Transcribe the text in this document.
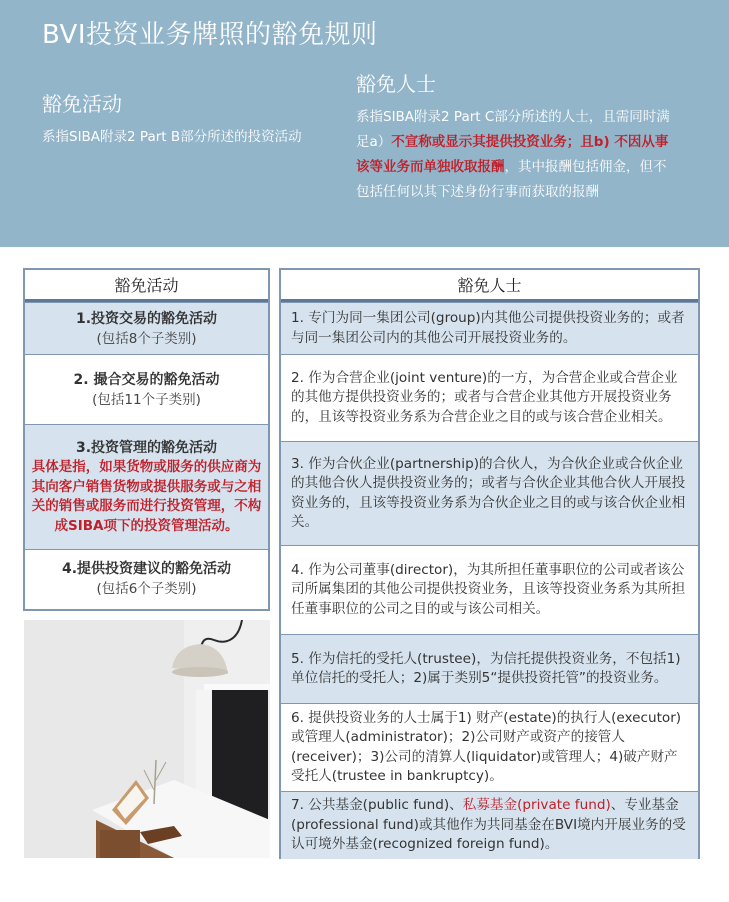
BVI投资业务牌照的豁免规则
豁免活动
系指SIBA附录2 Part B部分所述的投资活动
豁免人士
系指SIBA附录2 Part C部分所述的人士，且需同时满足a）不宣称或显示其提供投资业务；且b) 不因从事该等业务而单独收取报酬，其中报酬包括佣金，但不包括任何以其下述身份行事而获取的报酬
豁免活动
1.投资交易的豁免活动
(包括8个子类别)
2. 撮合交易的豁免活动
(包括11个子类别)
3.投资管理的豁免活动
具体是指，如果货物或服务的供应商为其向客户销售货物或提供服务或与之相关的销售或服务而进行投资管理，不构成SIBA项下的投资管理活动。
4.提供投资建议的豁免活动
(包括6个子类别)
豁免人士
1. 专门为同一集团公司(group)内其他公司提供投资业务的；或者与同一集团公司内的其他公司开展投资业务的。
2. 作为合营企业(joint venture)的一方，为合营企业或合营企业的其他方提供投资业务的；或者与合营企业其他方开展投资业务的，且该等投资业务系为合营企业之目的或与该合营企业相关。
3. 作为合伙企业(partnership)的合伙人，为合伙企业或合伙企业的其他合伙人提供投资业务的；或者与合伙企业其他合伙人开展投资业务的，且该等投资业务系为合伙企业之目的或与该合伙企业相关。
4. 作为公司董事(director)，为其所担任董事职位的公司或者该公司所属集团的其他公司提供投资业务，且该等投资业务系为其所担任董事职位的公司之目的或与该公司相关。
5. 作为信托的受托人(trustee)，为信托提供投资业务，不包括1) 单位信托的受托人；2)属于类别5“提供投资托管”的投资业务。
6. 提供投资业务的人士属于1) 财产(estate)的执行人(executor)或管理人(administrator)；2)公司财产或资产的接管人(receiver)；3)公司的清算人(liquidator)或管理人；4)破产财产受托人(trustee in bankruptcy)。
7. 公共基金(public fund)、私募基金(private fund)、专业基金(professional fund)或其他作为共同基金在BVI境内开展业务的受认可境外基金(recognized foreign fund)。
